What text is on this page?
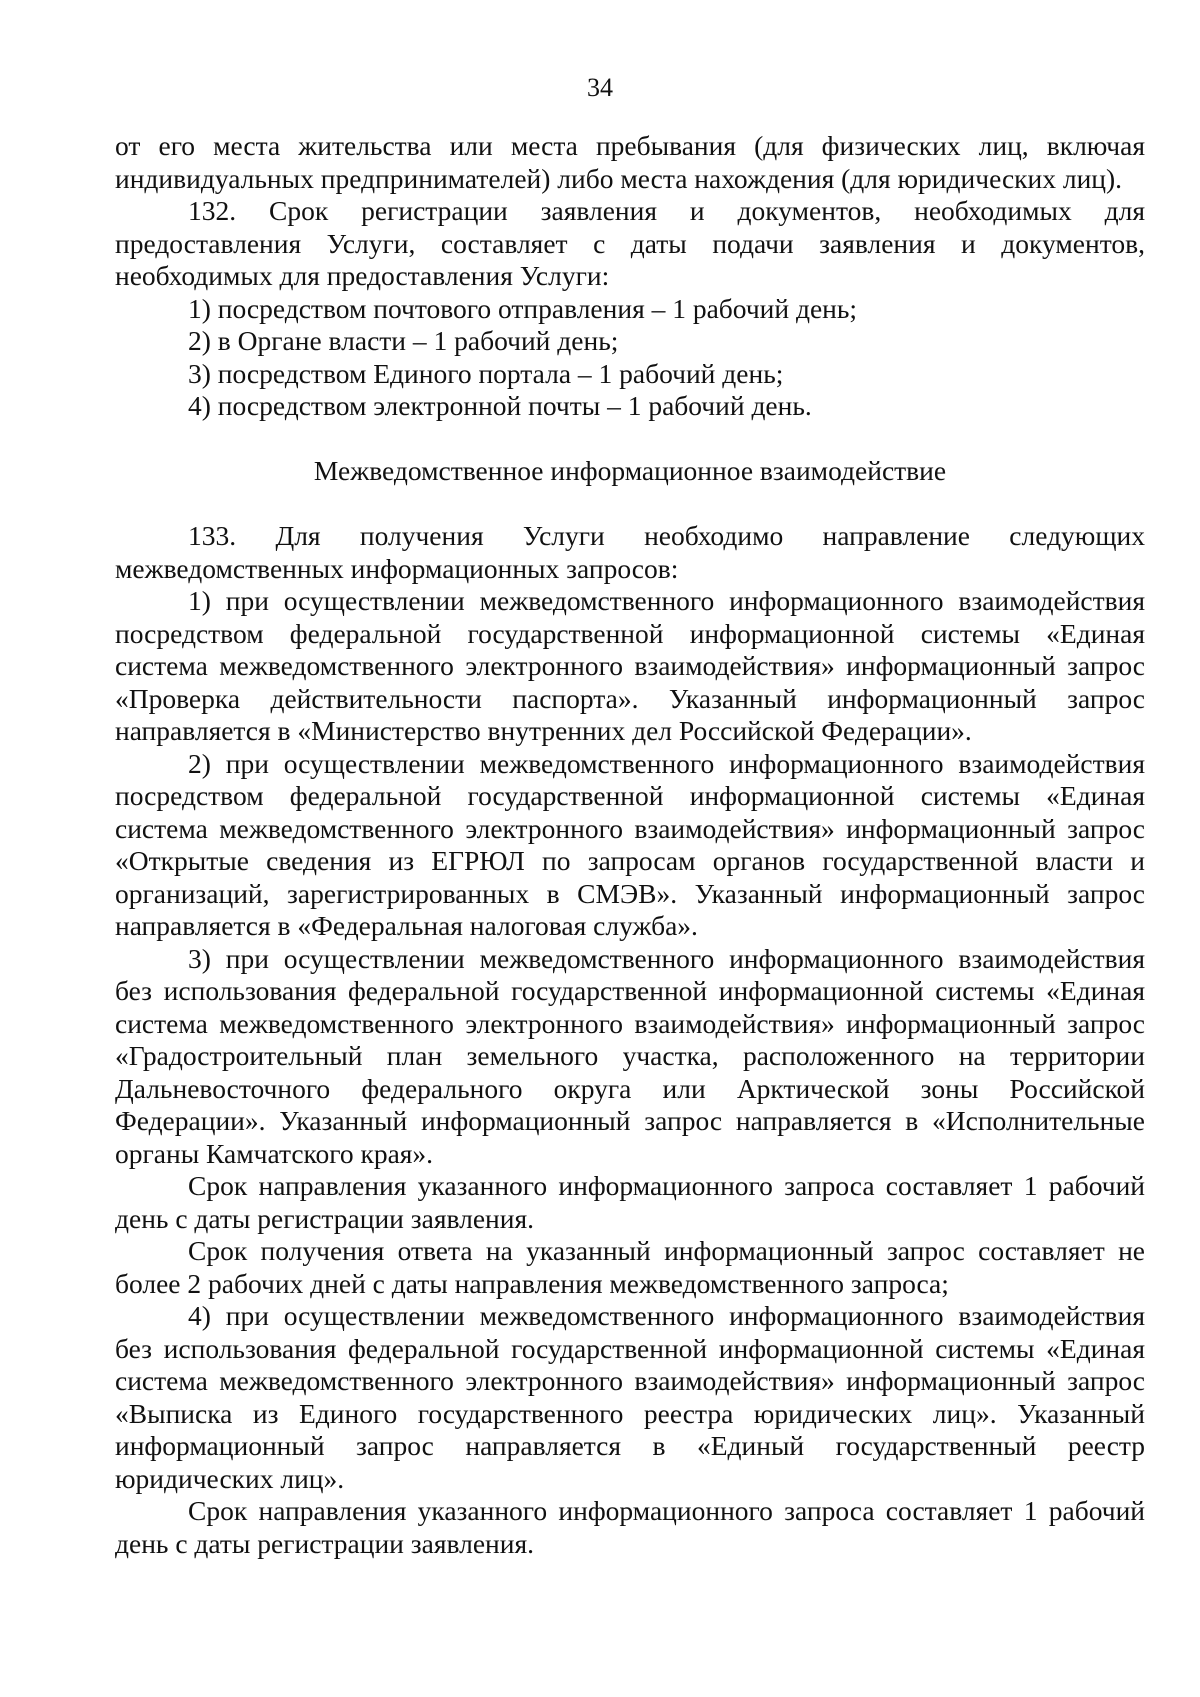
34

от его места жительства или места пребывания (для физических лиц, включая индивидуальных предпринимателей) либо места нахождения (для юридических лиц).

132. Срок регистрации заявления и документов, необходимых для предоставления Услуги, составляет с даты подачи заявления и документов, необходимых для предоставления Услуги:

1) посредством почтового отправления – 1 рабочий день;

2) в Органе власти – 1 рабочий день;

3) посредством Единого портала – 1 рабочий день;

4) посредством электронной почты – 1 рабочий день.

Межведомственное информационное взаимодействие

133. Для получения Услуги необходимо направление следующих межведомственных информационных запросов:

1) при осуществлении межведомственного информационного взаимодействия посредством федеральной государственной информационной системы «Единая система межведомственного электронного взаимодействия» информационный запрос «Проверка действительности паспорта». Указанный информационный запрос направляется в «Министерство внутренних дел Российской Федерации».

2) при осуществлении межведомственного информационного взаимодействия посредством федеральной государственной информационной системы «Единая система межведомственного электронного взаимодействия» информационный запрос «Открытые сведения из ЕГРЮЛ по запросам органов государственной власти и организаций, зарегистрированных в СМЭВ». Указанный информационный запрос направляется в «Федеральная налоговая служба».

3) при осуществлении межведомственного информационного взаимодействия без использования федеральной государственной информационной системы «Единая система межведомственного электронного взаимодействия» информационный запрос «Градостроительный план земельного участка, расположенного на территории Дальневосточного федерального округа или Арктической зоны Российской Федерации». Указанный информационный запрос направляется в «Исполнительные органы Камчатского края».

Срок направления указанного информационного запроса составляет 1 рабочий день с даты регистрации заявления.

Срок получения ответа на указанный информационный запрос составляет не более 2 рабочих дней с даты направления межведомственного запроса;

4) при осуществлении межведомственного информационного взаимодействия без использования федеральной государственной информационной системы «Единая система межведомственного электронного взаимодействия» информационный запрос «Выписка из Единого государственного реестра юридических лиц». Указанный информационный запрос направляется в «Единый государственный реестр юридических лиц».

Срок направления указанного информационного запроса составляет 1 рабочий день с даты регистрации заявления.
